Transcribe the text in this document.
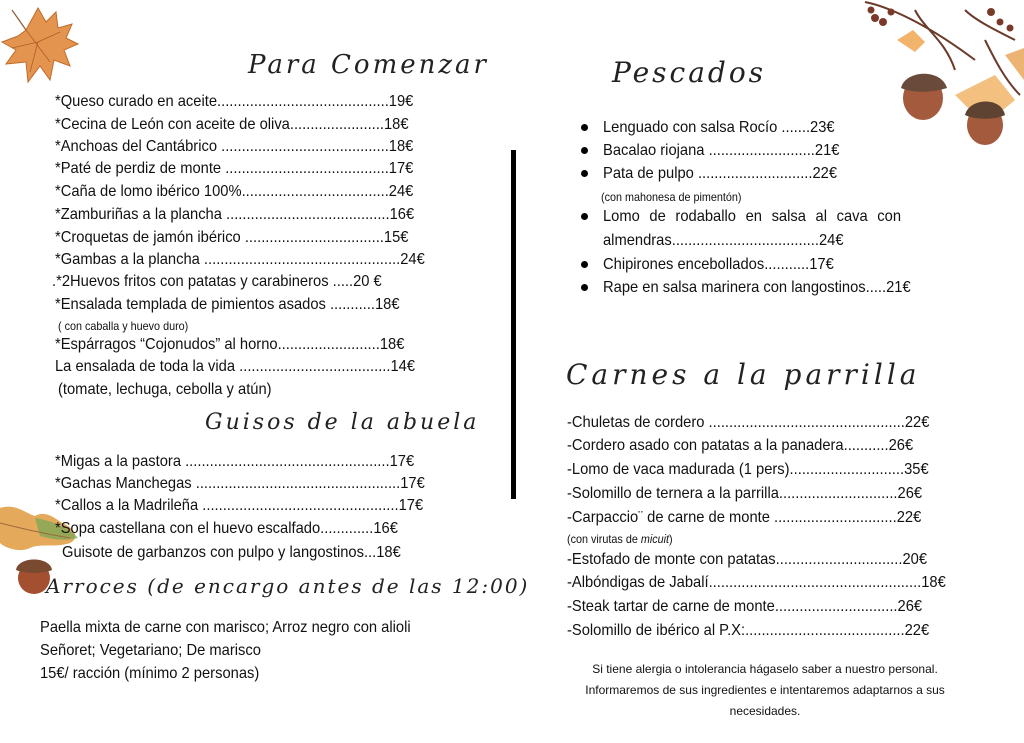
Para Comenzar
*Queso curado en aceite..........................................19€
*Cecina de León con aceite de oliva.......................18€
*Anchoas del Cantábrico .........................................18€
*Paté de perdiz de monte ........................................17€
*Caña de lomo ibérico 100%....................................24€
*Zamburiñas a la plancha ........................................16€
*Croquetas de jamón ibérico ..................................15€
*Gambas a la plancha ................................................24€
.*2Huevos fritos con patatas y carabineros .....20 €
*Ensalada templada de pimientos asados ...........18€
( con caballa y huevo duro)
*Espárragos “Cojonudos” al horno.........................18€
La ensalada de toda la vida .....................................14€
(tomate, lechuga, cebolla y atún)
Guisos de la abuela
*Migas a la pastora ..................................................17€
*Gachas Manchegas ..................................................17€
*Callos a la Madrileña ................................................17€
*Sopa castellana con el huevo escalfado.............16€
Guisote de garbanzos con pulpo y langostinos...18€
Arroces (de encargo antes de las 12:00)
Paella mixta de carne con marisco; Arroz negro con alioli
Señoret; Vegetariano; De marisco
15€/ racción (mínimo 2 personas)
Pescados
Lenguado con salsa Rocío .......23€
Bacalao riojana ..........................21€
Pata de pulpo ............................22€
(con mahonesa de pimentón)
Lomo de rodaballo en salsa al cava con
almendras....................................24€
Chipirones encebollados...........17€
Rape en salsa marinera con langostinos.....21€
Carnes a la parrilla
-Chuletas de cordero ................................................22€
-Cordero asado con patatas a la panadera...........26€
-Lomo de vaca madurada (1 pers)............................35€
-Solomillo de ternera a la parrilla.............................26€
-Carpaccio¨ de carne de monte ..............................22€
(con virutas de micuit)
-Estofado de monte con patatas...............................20€
-Albóndigas de Jabalí....................................................18€
-Steak tartar de carne de monte..............................26€
-Solomillo de ibérico al P.X:.......................................22€
Si tiene alergia o intolerancia hágaselo saber a nuestro personal.
Informaremos de sus ingredientes e intentaremos adaptarnos a sus
necesidades.
